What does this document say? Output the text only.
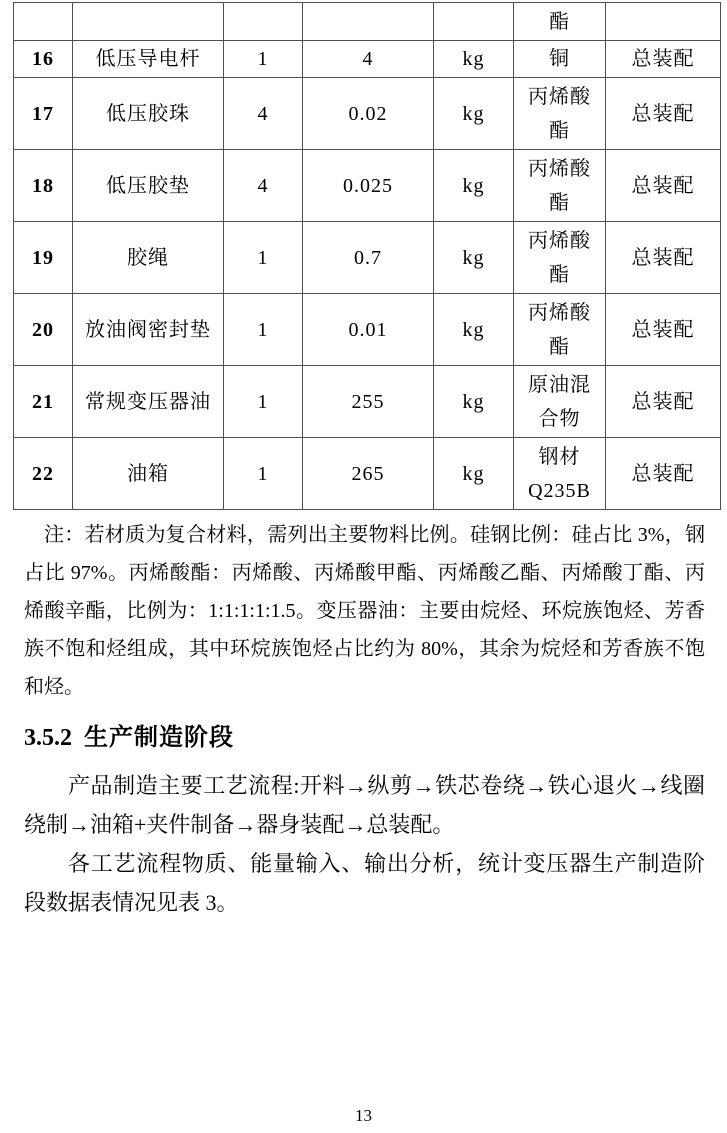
					酯	
16	低压导电杆	1	4	kg	铜	总装配
17	低压胶珠	4	0.02	kg	丙烯酸酯	总装配
18	低压胶垫	4	0.025	kg	丙烯酸酯	总装配
19	胶绳	1	0.7	kg	丙烯酸酯	总装配
20	放油阀密封垫	1	0.01	kg	丙烯酸酯	总装配
21	常规变压器油	1	255	kg	原油混合物	总装配
22	油箱	1	265	kg	钢材Q235B	总装配

注：若材质为复合材料，需列出主要物料比例。硅钢比例：硅占比 3%，钢占比 97%。丙烯酸酯：丙烯酸、丙烯酸甲酯、丙烯酸乙酯、丙烯酸丁酯、丙烯酸辛酯，比例为：1:1:1:1:1.5。变压器油：主要由烷烃、环烷族饱烃、芳香族不饱和烃组成，其中环烷族饱烃占比约为 80%，其余为烷烃和芳香族不饱和烃。

3.5.2 生产制造阶段

产品制造主要工艺流程:开料→纵剪→铁芯卷绕→铁心退火→线圈绕制→油箱+夹件制备→器身装配→总装配。

各工艺流程物质、能量输入、输出分析，统计变压器生产制造阶段数据表情况见表 3。

13
